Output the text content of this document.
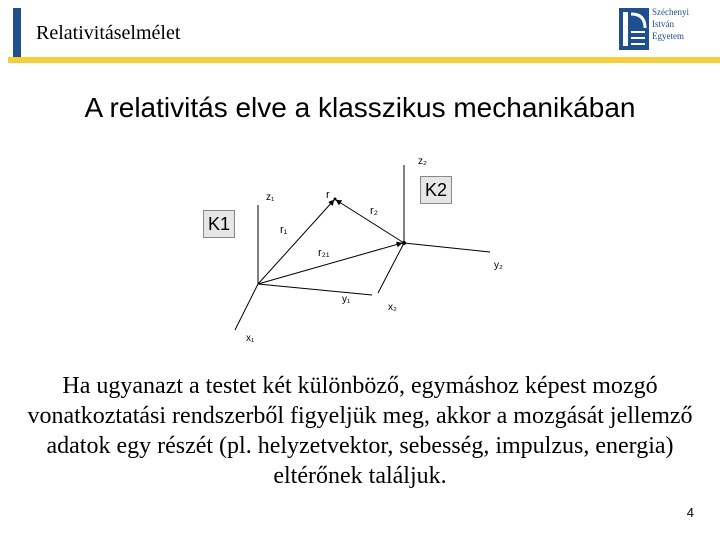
Relativitáselmélet
Széchenyi
István
Egyetem
A relativitás elve a klasszikus mechanikában
z₁
y₁
x₁
z₂
y₂
x₂
r
r₁
r₂
r₂₁
K1
K2
Ha ugyanazt a testet két különböző, egymáshoz képest mozgó vonatkoztatási rendszerből figyeljük meg, akkor a mozgását jellemző adatok egy részét (pl. helyzetvektor, sebesség, impulzus, energia) eltérőnek találjuk.
4
